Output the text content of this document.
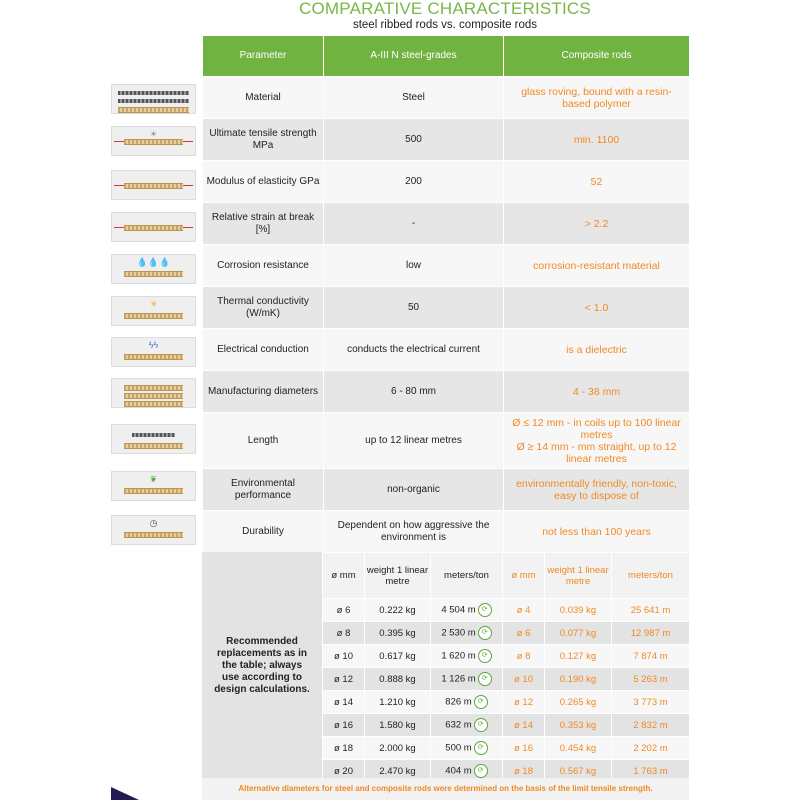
COMPARATIVE CHARACTERISTICS
steel ribbed rods vs. composite rods
✶
💧💧💧
☀
ϟϟ
❦
◷
Parameter	A-III N steel-grades	Composite rods
Material	Steel	glass roving, bound with a resin-based polymer
Ultimate tensile strength MPa	500	min. 1100
Modulus of elasticity GPa	200	52
Relative strain at break [%]	-	> 2.2
Corrosion resistance	low	corrosion-resistant material
Thermal conductivity (W/mK)	50	< 1.0
Electrical conduction	conducts the electrical current	is a dielectric
Manufacturing diameters	6 - 80 mm	4 - 38 mm
Length	up to 12 linear metres	Ø ≤ 12 mm - in coils up to 100 linear metres
Ø ≥ 14 mm - mm straight, up to 12 linear metres
Environmental performance	non-organic	environmentally friendly, non-toxic, easy to dispose of
Durability	Dependent on how aggressive the environment is	not less than 100 years
Recommended replacements as in the table; always use according to design calculations.
ø mm	weight 1 linear metre	meters/ton	ø mm	weight 1 linear metre	meters/ton
ø 6	0.222 kg	4 504 m ⟳	ø 4	0.039 kg	25 641 m
ø 8	0.395 kg	2 530 m ⟳	ø 6	0.077 kg	12 987 m
ø 10	0.617 kg	1 620 m ⟳	ø 8	0.127 kg	7 874 m
ø 12	0.888 kg	1 126 m ⟳	ø 10	0.190 kg	5 263 m
ø 14	1.210 kg	826 m ⟳	ø 12	0.265 kg	3 773 m
ø 16	1.580 kg	632 m ⟳	ø 14	0.353 kg	2 832 m
ø 18	2.000 kg	500 m ⟳	ø 16	0.454 kg	2 202 m
ø 20	2.470 kg	404 m ⟳	ø 18	0.567 kg	1 763 m
Alternative diameters for steel and composite rods were determined on the basis of the limit tensile strength.
